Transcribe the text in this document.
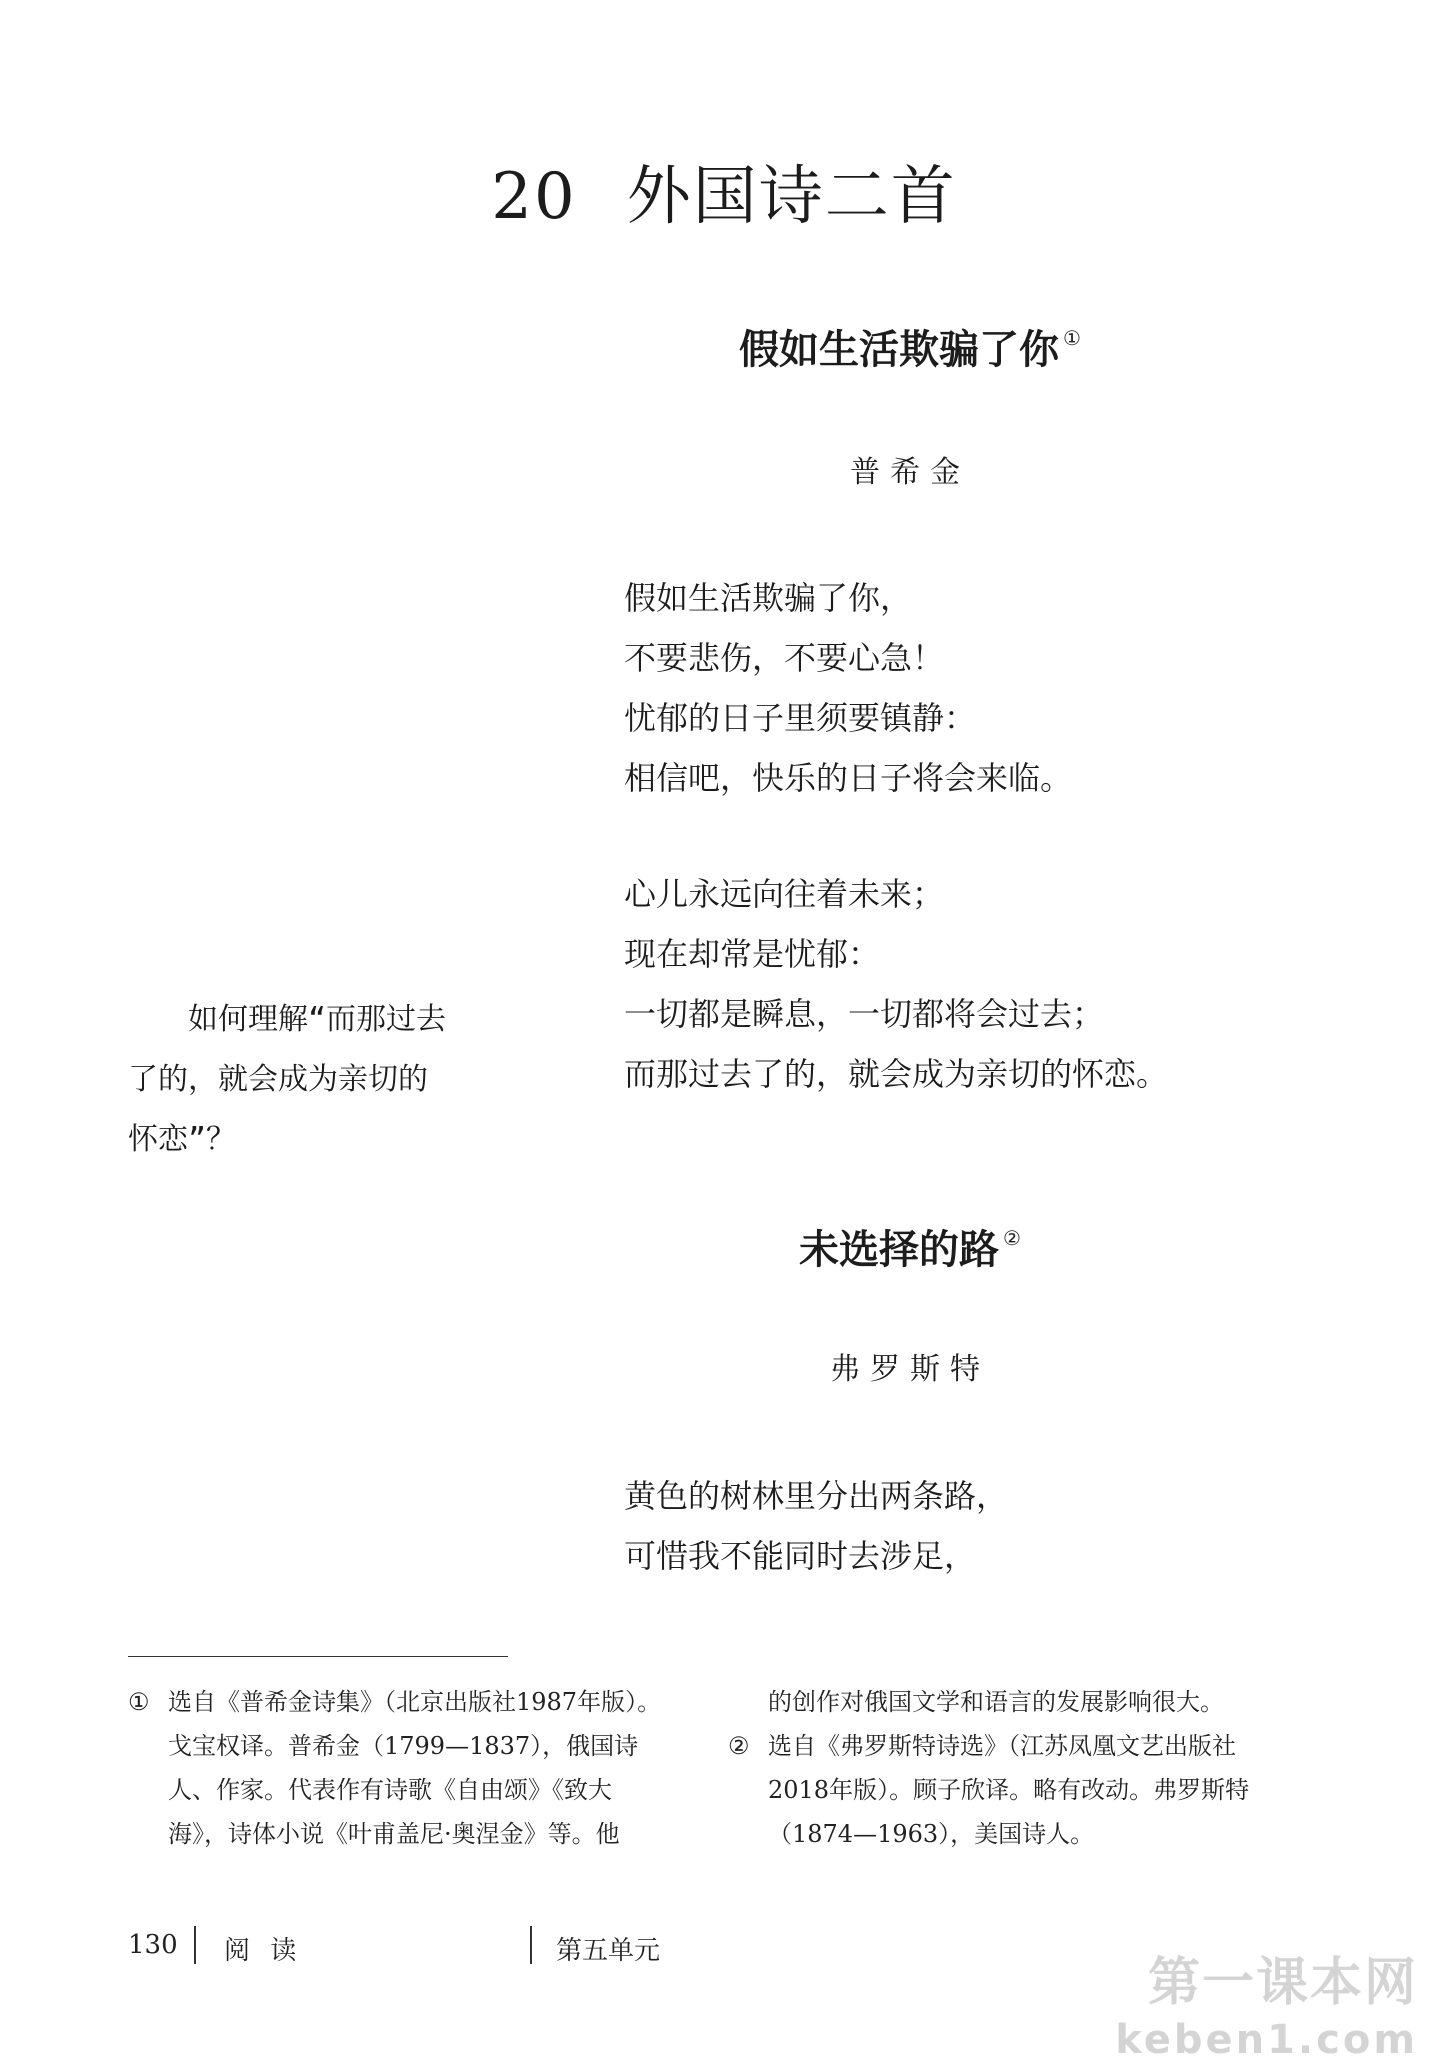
20 外国诗二首
假如生活欺骗了你 ①
普希金
假如生活欺骗了你，
不要悲伤，不要心急！
忧郁的日子里须要镇静：
相信吧，快乐的日子将会来临。
心儿永远向往着未来；
现在却常是忧郁：
一切都是瞬息，一切都将会过去；
而那过去了的，就会成为亲切的怀恋。
如何理解“而那过去了的，就会成为亲切的怀恋”？
未选择的路 ②
弗罗斯特
黄色的树林里分出两条路，
可惜我不能同时去涉足，
① 选自《普希金诗集》（北京出版社1987年版）。
戈宝权译。普希金（1799—1837），俄国诗
人、作家。代表作有诗歌《自由颂》《致大
海》，诗体小说《叶甫盖尼·奥涅金》等。他
的创作对俄国文学和语言的发展影响很大。
② 选自《弗罗斯特诗选》（江苏凤凰文艺出版社
2018年版）。顾子欣译。略有改动。弗罗斯特
（1874—1963），美国诗人。
130 阅 读	第五单元
第一课本网
keben1.com
